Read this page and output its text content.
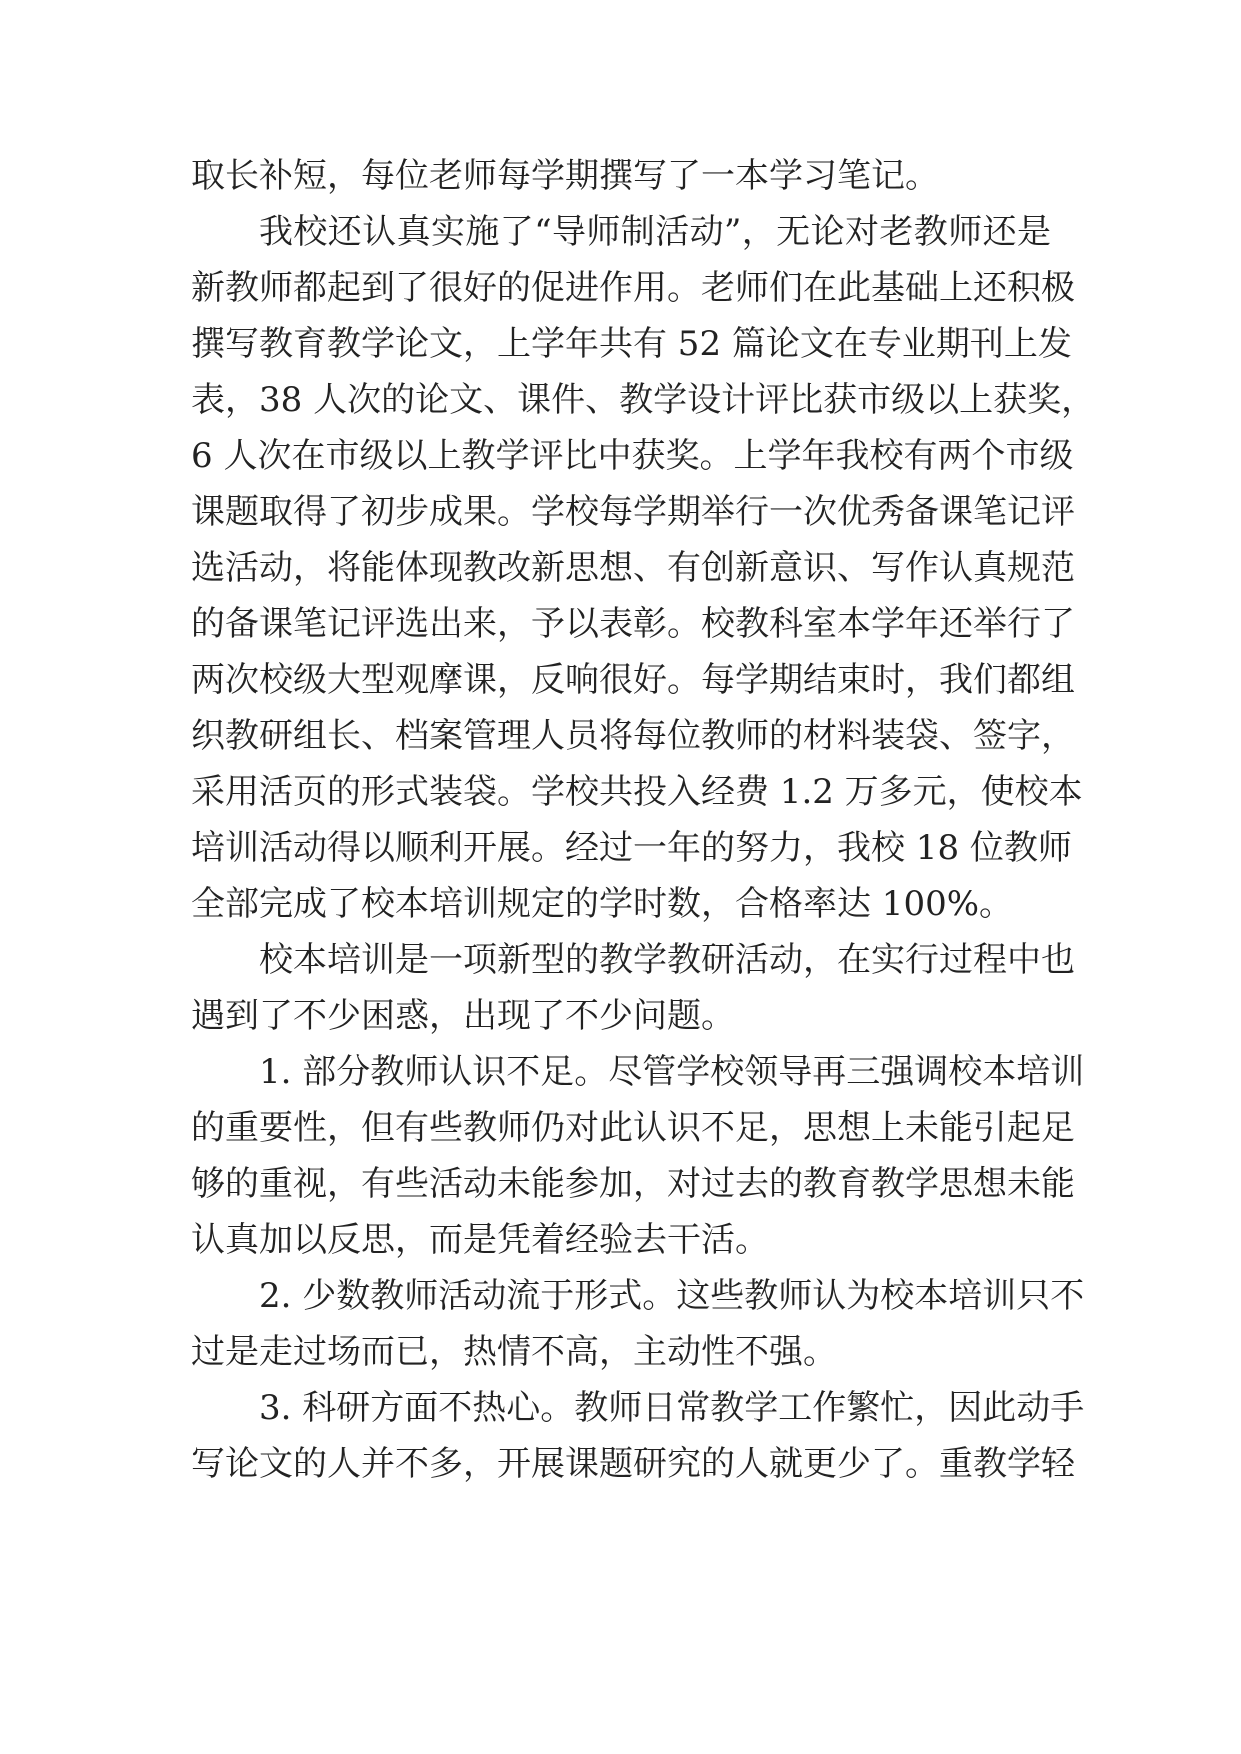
取长补短，每位老师每学期撰写了一本学习笔记。
我校还认真实施了“导师制活动”，无论对老教师还是
新教师都起到了很好的促进作用。老师们在此基础上还积极
撰写教育教学论文，上学年共有 52 篇论文在专业期刊上发
表，38 人次的论文、课件、教学设计评比获市级以上获奖，
6 人次在市级以上教学评比中获奖。上学年我校有两个市级
课题取得了初步成果。学校每学期举行一次优秀备课笔记评
选活动，将能体现教改新思想、有创新意识、写作认真规范
的备课笔记评选出来，予以表彰。校教科室本学年还举行了
两次校级大型观摩课，反响很好。每学期结束时，我们都组
织教研组长、档案管理人员将每位教师的材料装袋、签字，
采用活页的形式装袋。学校共投入经费 1.2 万多元，使校本
培训活动得以顺利开展。经过一年的努力，我校 18 位教师
全部完成了校本培训规定的学时数，合格率达 100%。
校本培训是一项新型的教学教研活动，在实行过程中也
遇到了不少困惑，出现了不少问题。
1. 部分教师认识不足。尽管学校领导再三强调校本培训
的重要性，但有些教师仍对此认识不足，思想上未能引起足
够的重视，有些活动未能参加，对过去的教育教学思想未能
认真加以反思，而是凭着经验去干活。
2. 少数教师活动流于形式。这些教师认为校本培训只不
过是走过场而已，热情不高，主动性不强。
3. 科研方面不热心。教师日常教学工作繁忙，因此动手
写论文的人并不多，开展课题研究的人就更少了。重教学轻
